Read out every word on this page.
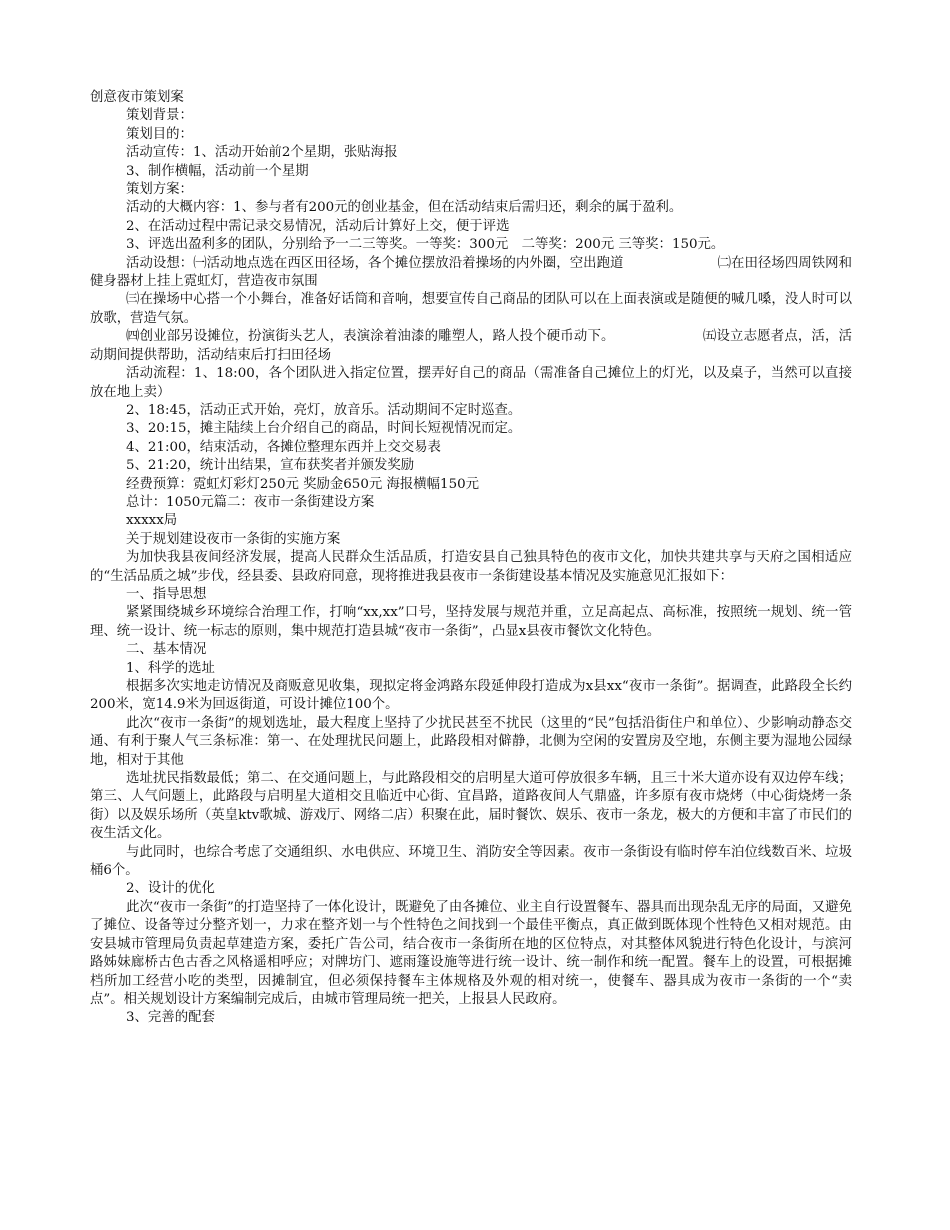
创意夜市策划案

策划背景：

策划目的：

活动宣传：1、活动开始前2个星期，张贴海报

3、制作横幅，活动前一个星期

策划方案：

活动的大概内容：1、参与者有200元的创业基金，但在活动结束后需归还，剩余的属于盈利。

2、在活动过程中需记录交易情况，活动后计算好上交，便于评选

3、评选出盈利多的团队，分别给予一二三等奖。一等奖：300元　二等奖：200元 三等奖：150元。

活动设想：㈠活动地点选在西区田径场，各个摊位摆放沿着操场的内外圈，空出跑道　　　　　　　㈡在田径场四周铁网和健身器材上挂上霓虹灯，营造夜市氛围

㈢在操场中心搭一个小舞台，准备好话筒和音响，想要宣传自己商品的团队可以在上面表演或是随便的喊几嗓，没人时可以放歌，营造气氛。

㈣创业部另设摊位，扮演街头艺人，表演涂着油漆的雕塑人，路人投个硬币动下。　　　　　　　㈤设立志愿者点，活，活动期间提供帮助，活动结束后打扫田径场

活动流程：1、18:00，各个团队进入指定位置，摆弄好自己的商品（需准备自己摊位上的灯光，以及桌子，当然可以直接放在地上卖）

2、18:45，活动正式开始，亮灯，放音乐。活动期间不定时巡查。

3、20:15，摊主陆续上台介绍自己的商品，时间长短视情况而定。

4、21:00，结束活动，各摊位整理东西并上交交易表

5、21:20，统计出结果，宣布获奖者并颁发奖励

经费预算：霓虹灯彩灯250元 奖励金650元 海报横幅150元

总计：1050元篇二：夜市一条街建设方案

xxxxx局

关于规划建设夜市一条街的实施方案

为加快我县夜间经济发展，提高人民群众生活品质，打造安县自己独具特色的夜市文化，加快共建共享与天府之国相适应的“生活品质之城”步伐，经县委、县政府同意，现将推进我县夜市一条街建设基本情况及实施意见汇报如下：

一、指导思想

紧紧围绕城乡环境综合治理工作，打响“xx,xx”口号，坚持发展与规范并重，立足高起点、高标准，按照统一规划、统一管理、统一设计、统一标志的原则，集中规范打造县城“夜市一条街”，凸显x县夜市餐饮文化特色。

二、基本情况

1、科学的选址

根据多次实地走访情况及商贩意见收集，现拟定将金鸿路东段延伸段打造成为x县xx“夜市一条街”。据调查，此路段全长约200米，宽14.9米为回返街道，可设计摊位100个。

此次“夜市一条街”的规划选址，最大程度上坚持了少扰民甚至不扰民（这里的“民”包括沿街住户和单位）、少影响动静态交通、有利于聚人气三条标准：第一、在处理扰民问题上，此路段相对僻静，北侧为空闲的安置房及空地，东侧主要为湿地公园绿地，相对于其他

选址扰民指数最低；第二、在交通问题上，与此路段相交的启明星大道可停放很多车辆，且三十米大道亦设有双边停车线；第三、人气问题上，此路段与启明星大道相交且临近中心街、宜昌路，道路夜间人气鼎盛，许多原有夜市烧烤（中心街烧烤一条街）以及娱乐场所（英皇ktv歌城、游戏厅、网络二店）积聚在此，届时餐饮、娱乐、夜市一条龙，极大的方便和丰富了市民们的夜生活文化。

与此同时，也综合考虑了交通组织、水电供应、环境卫生、消防安全等因素。夜市一条街设有临时停车泊位线数百米、垃圾桶6个。

2、设计的优化

此次“夜市一条街”的打造坚持了一体化设计，既避免了由各摊位、业主自行设置餐车、器具而出现杂乱无序的局面，又避免了摊位、设备等过分整齐划一，力求在整齐划一与个性特色之间找到一个最佳平衡点，真正做到既体现个性特色又相对规范。由安县城市管理局负责起草建造方案，委托广告公司，结合夜市一条街所在地的区位特点，对其整体风貌进行特色化设计，与滨河路姊妹廊桥古色古香之风格遥相呼应；对牌坊门、遮雨篷设施等进行统一设计、统一制作和统一配置。餐车上的设置，可根据摊档所加工经营小吃的类型，因摊制宜，但必须保持餐车主体规格及外观的相对统一，使餐车、器具成为夜市一条街的一个“卖点”。相关规划设计方案编制完成后，由城市管理局统一把关，上报县人民政府。

3、完善的配套
